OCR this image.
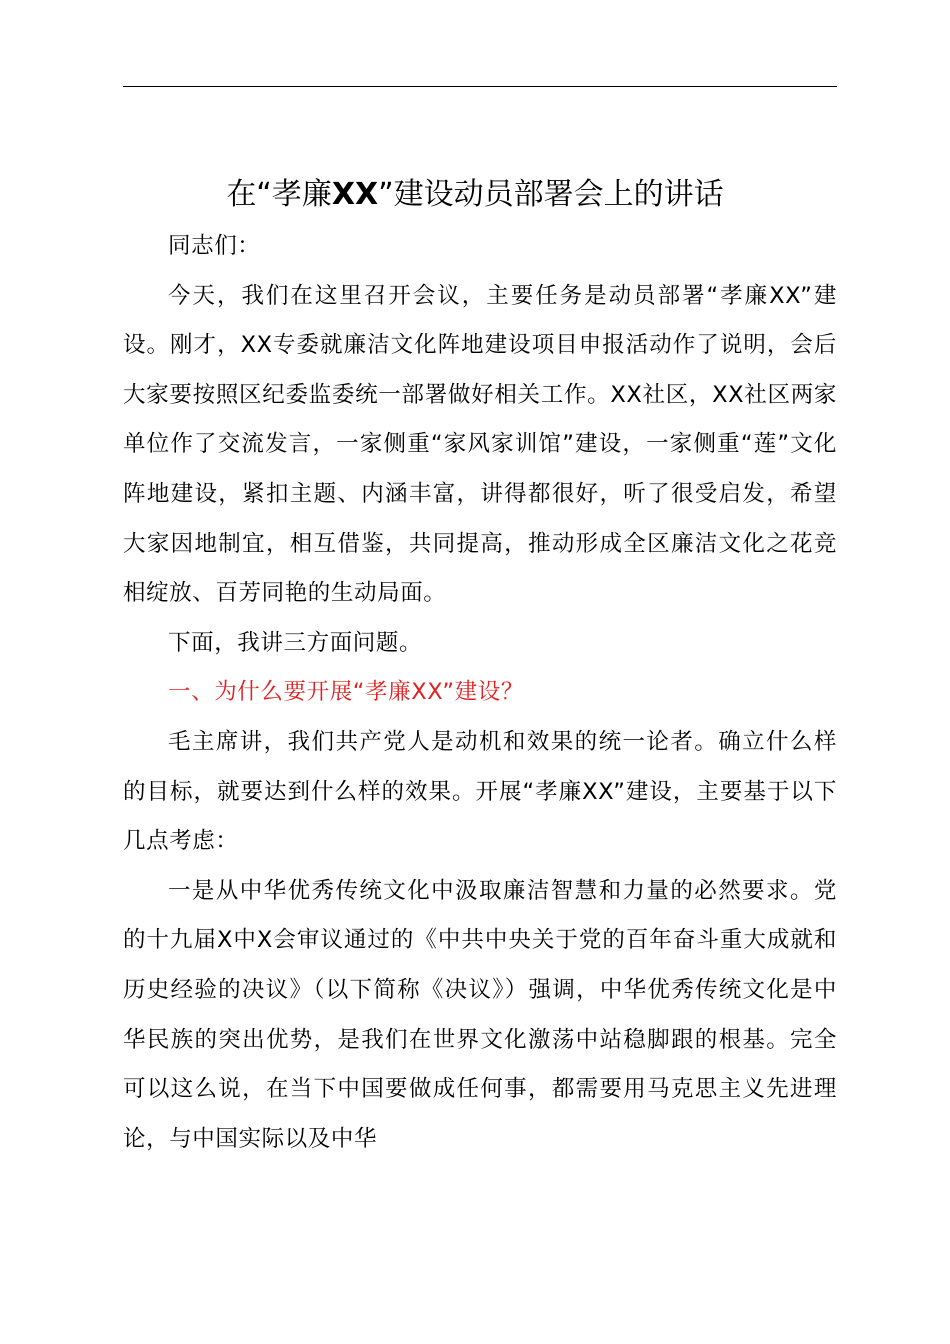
在“孝廉XX”建设动员部署会上的讲话

同志们：

今天，我们在这里召开会议，主要任务是动员部署“孝廉XX”建设。刚才，XX专委就廉洁文化阵地建设项目申报活动作了说明，会后大家要按照区纪委监委统一部署做好相关工作。XX社区，XX社区两家单位作了交流发言，一家侧重“家风家训馆”建设，一家侧重“莲”文化阵地建设，紧扣主题、内涵丰富，讲得都很好，听了很受启发，希望大家因地制宜，相互借鉴，共同提高，推动形成全区廉洁文化之花竞相绽放、百芳同艳的生动局面。

下面，我讲三方面问题。

一、为什么要开展“孝廉XX”建设？

毛主席讲，我们共产党人是动机和效果的统一论者。确立什么样的目标，就要达到什么样的效果。开展“孝廉XX”建设，主要基于以下几点考虑：

一是从中华优秀传统文化中汲取廉洁智慧和力量的必然要求。党的十九届X中X会审议通过的《中共中央关于党的百年奋斗重大成就和历史经验的决议》（以下简称《决议》）强调，中华优秀传统文化是中华民族的突出优势，是我们在世界文化激荡中站稳脚跟的根基。完全可以这么说，在当下中国要做成任何事，都需要用马克思主义先进理论，与中国实际以及中华
